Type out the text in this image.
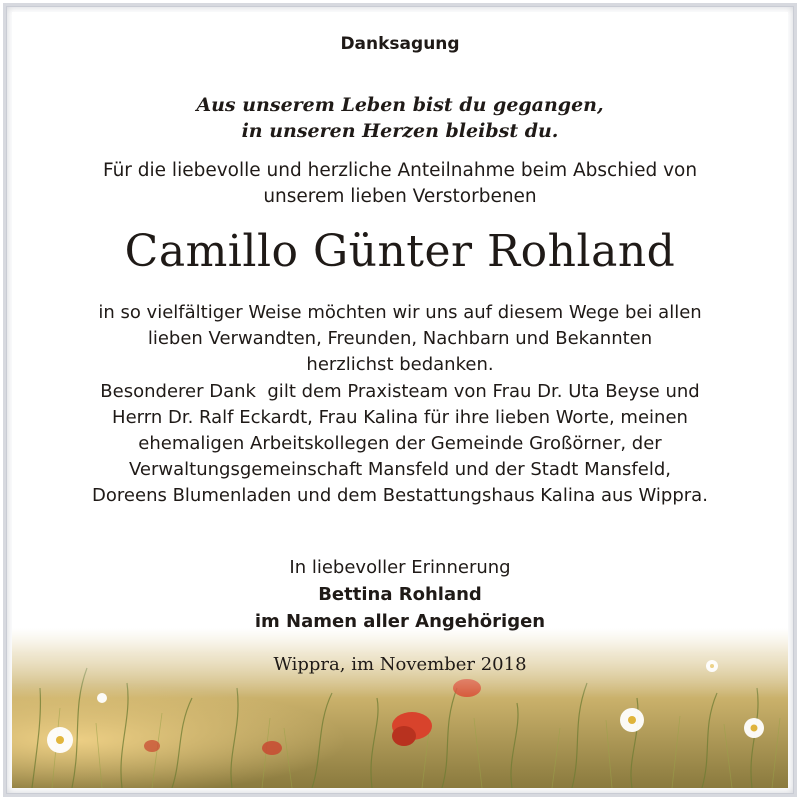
Danksagung
Aus unserem Leben bist du gegangen,
in unseren Herzen bleibst du.
Für die liebevolle und herzliche Anteilnahme beim Abschied von
unserem lieben Verstorbenen
Camillo Günter Rohland
in so vielfältiger Weise möchten wir uns auf diesem Wege bei allen
lieben Verwandten, Freunden, Nachbarn und Bekannten
herzlichst bedanken.
Besonderer Dank  gilt dem Praxisteam von Frau Dr. Uta Beyse und
Herrn Dr. Ralf Eckardt, Frau Kalina für ihre lieben Worte, meinen
ehemaligen Arbeitskollegen der Gemeinde Großörner, der
Verwaltungsgemeinschaft Mansfeld und der Stadt Mansfeld,
Doreens Blumenladen und dem Bestattungshaus Kalina aus Wippra.
In liebevoller Erinnerung
Bettina Rohland
im Namen aller Angehörigen
Wippra, im November 2018
